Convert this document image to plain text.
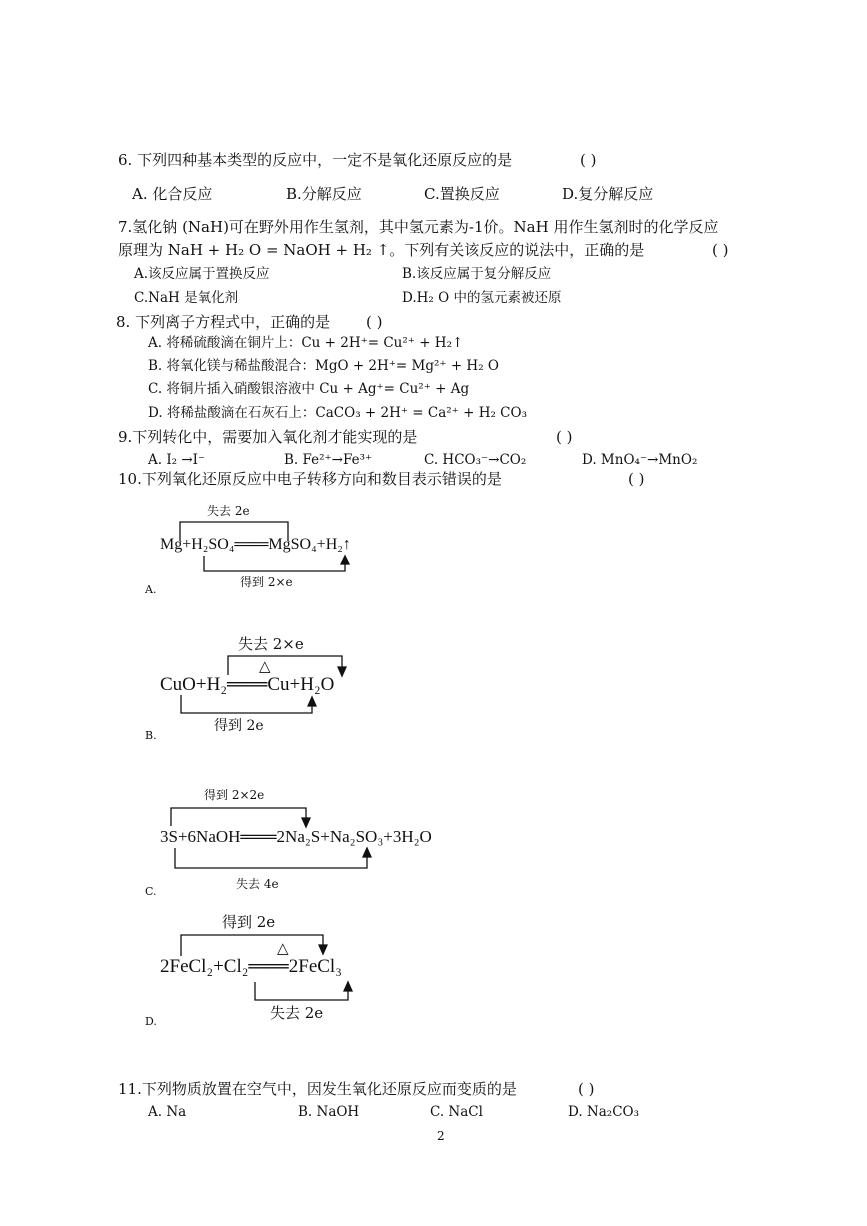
6. 下列四种基本类型的反应中，一定不是氧化还原反应的是	( )
A. 化合反应	B.分解反应	C.置换反应	D.复分解反应
7.氢化钠 (NaH)可在野外用作生氢剂，其中氢元素为-1价。NaH 用作生氢剂时的化学反应
原理为 NaH + H₂ O = NaOH + H₂ ↑。下列有关该反应的说法中，正确的是	( )
A.该反应属于置换反应	B.该反应属于复分解反应
C.NaH 是氧化剂	D.H₂ O 中的氢元素被还原
8. 下列离子方程式中，正确的是 ( )
A. 将稀硫酸滴在铜片上：Cu + 2H⁺= Cu²⁺ + H₂↑
B. 将氧化镁与稀盐酸混合：MgO + 2H⁺= Mg²⁺ + H₂ O
C. 将铜片插入硝酸银溶液中 Cu + Ag⁺= Cu²⁺ + Ag
D. 将稀盐酸滴在石灰石上：CaCO₃ + 2H⁺ = Ca²⁺ + H₂ CO₃
9.下列转化中，需要加入氧化剂才能实现的是	( )
A. I₂ →I⁻	B. Fe²⁺→Fe³⁺	C. HCO₃⁻→CO₂	D. MnO₄⁻→MnO₂
10.下列氧化还原反应中电子转移方向和数目表示错误的是	( )
失去 2e
Mg+H₂SO₄═══MgSO₄+H₂↑
得到 2×e
A.
失去 2×e
△
CuO+H₂═══Cu+H₂O
得到 2e
B.
得到 2×2e
3S+6NaOH═══2Na₂S+Na₂SO₃+3H₂O
失去 4e
C.
得到 2e
△
2FeCl₂+Cl₂═══2FeCl₃
失去 2e
D.
11.下列物质放置在空气中，因发生氧化还原反应而变质的是	( )
A. Na	B. NaOH	C. NaCl	D. Na₂CO₃
2
